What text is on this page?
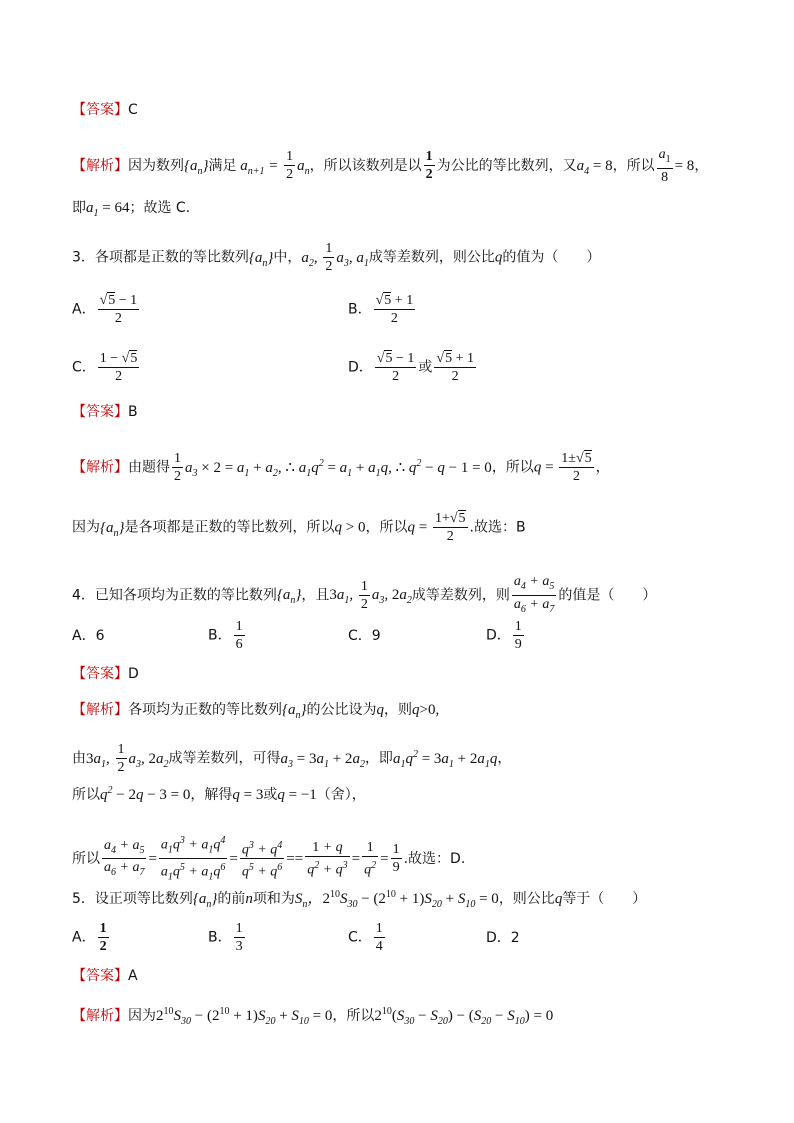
【答案】C
【解析】因为数列$\{a_n\}$满足 $a_{n+1} = \frac{1}{2} a_n$，所以该数列是以 $\frac{1}{2}$ 为公比的等比数列，又$a_4 = 8$，所以 $\frac{a_1}{8} = 8$，
即$a_1 = 64$；故选 C.
3．各项都是正数的等比数列$\{a_n\}$中，$a_2$, $\frac{1}{2} a_3$, $a_1$成等差数列，则公比q的值为（　　）
A． $\frac{√5 - 1}{2}$	B． $\frac{√5 + 1}{2}$
C． $\frac{1 - √5}{2}$	D． $\frac{√5 - 1}{2}$ 或 $\frac{√5 + 1}{2}$
【答案】B
【解析】由题得 $\frac{1}{2} a_3 \times 2 = a_1 + a_2$, ∴ $a_1q^2 = a_1 + a_1q$, ∴ $q^2 - q - 1 = 0$，所以$q = \frac{1\pm√5}{2}$ ，
因为$\{a_n\}$是各项都是正数的等比数列，所以q > 0，所以$q = \frac{1+√5}{2}$ .故选：B
4．已知各项均为正数的等比数列$\{a_n\}$，且$3a_1$, $\frac{1}{2} a_3$, $2a_2$成等差数列，则 $\frac{a_4 + a_5}{a_6 + a_7}$ 的值是（　　）
A．6	B． $\frac{1}{6}$	C．9	D． $\frac{1}{9}$
【答案】D
【解析】各项均为正数的等比数列$\{a_n\}$的公比设为q，则q>0,
由$3a_1$, $\frac{1}{2} a_3$, $2a_2$成等差数列，可得$a_3 = 3a_1 + 2a_2$，即$a_1q^2 = 3a_1 + 2a_1q$，
所以$q^2 - 2q - 3 = 0$，解得q = 3或q = −1（舍），
所以 $\frac{a_4 + a_5}{a_6 + a_7} = \frac{a_1q^3 + a_1q^4}{a_1q^5 + a_1q^6} = \frac{q^3 + q^4}{q^5 + q^6} == \frac{1 + q}{q^2 + q^3} = \frac{1}{q^2} = \frac{1}{9}$ .故选：D.
5．设正项等比数列$\{a_n\}$的前n项和为$S_n$，$2^{10}S_{30} - (2^{10} + 1)S_{20} + S_{10} = 0$，则公比q等于（　　）
A． $\frac{1}{2}$	B． $\frac{1}{3}$	C． $\frac{1}{4}$	D．2
【答案】A
【解析】因为$2^{10}S_{30} - (2^{10} + 1)S_{20} + S_{10} = 0$，所以$2^{10}(S_{30} - S_{20}) - (S_{20} - S_{10}) = 0$
